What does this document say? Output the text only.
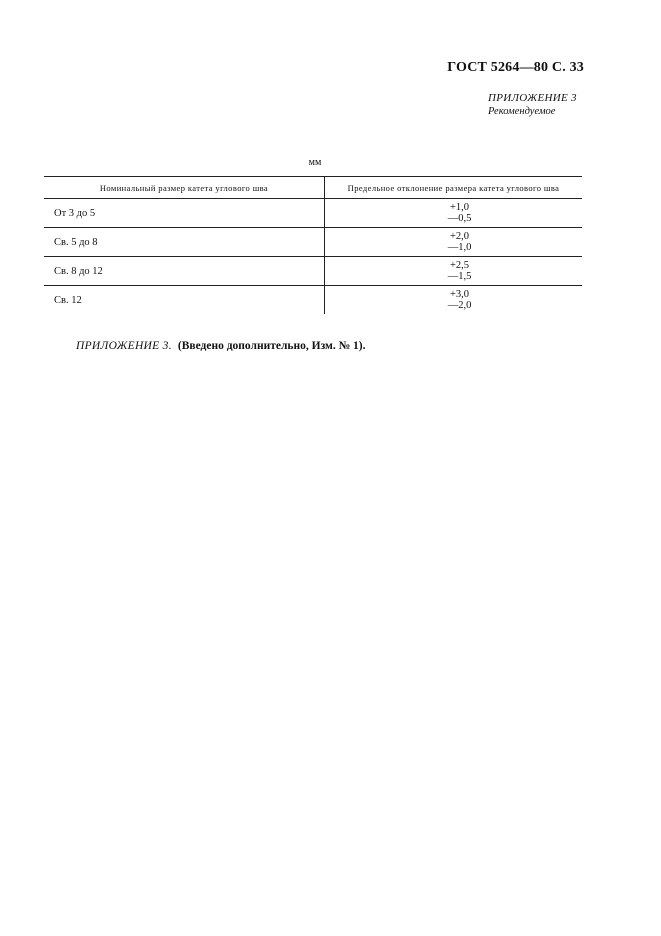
ГОСТ 5264—80 С. 33
ПРИЛОЖЕНИЕ 3
Рекомендуемое
мм
Номинальный размер катета углового шва	Предельное отклонение размера катета углового шва
От 3 до 5	+1,0
—0,5

Св. 5 до 8	+2,0
—1,0

Св. 8 до 12	+2,5
—1,5

Св. 12	+3,0
—2,0
ПРИЛОЖЕНИЕ 3. (Введено дополнительно, Изм. № 1).
